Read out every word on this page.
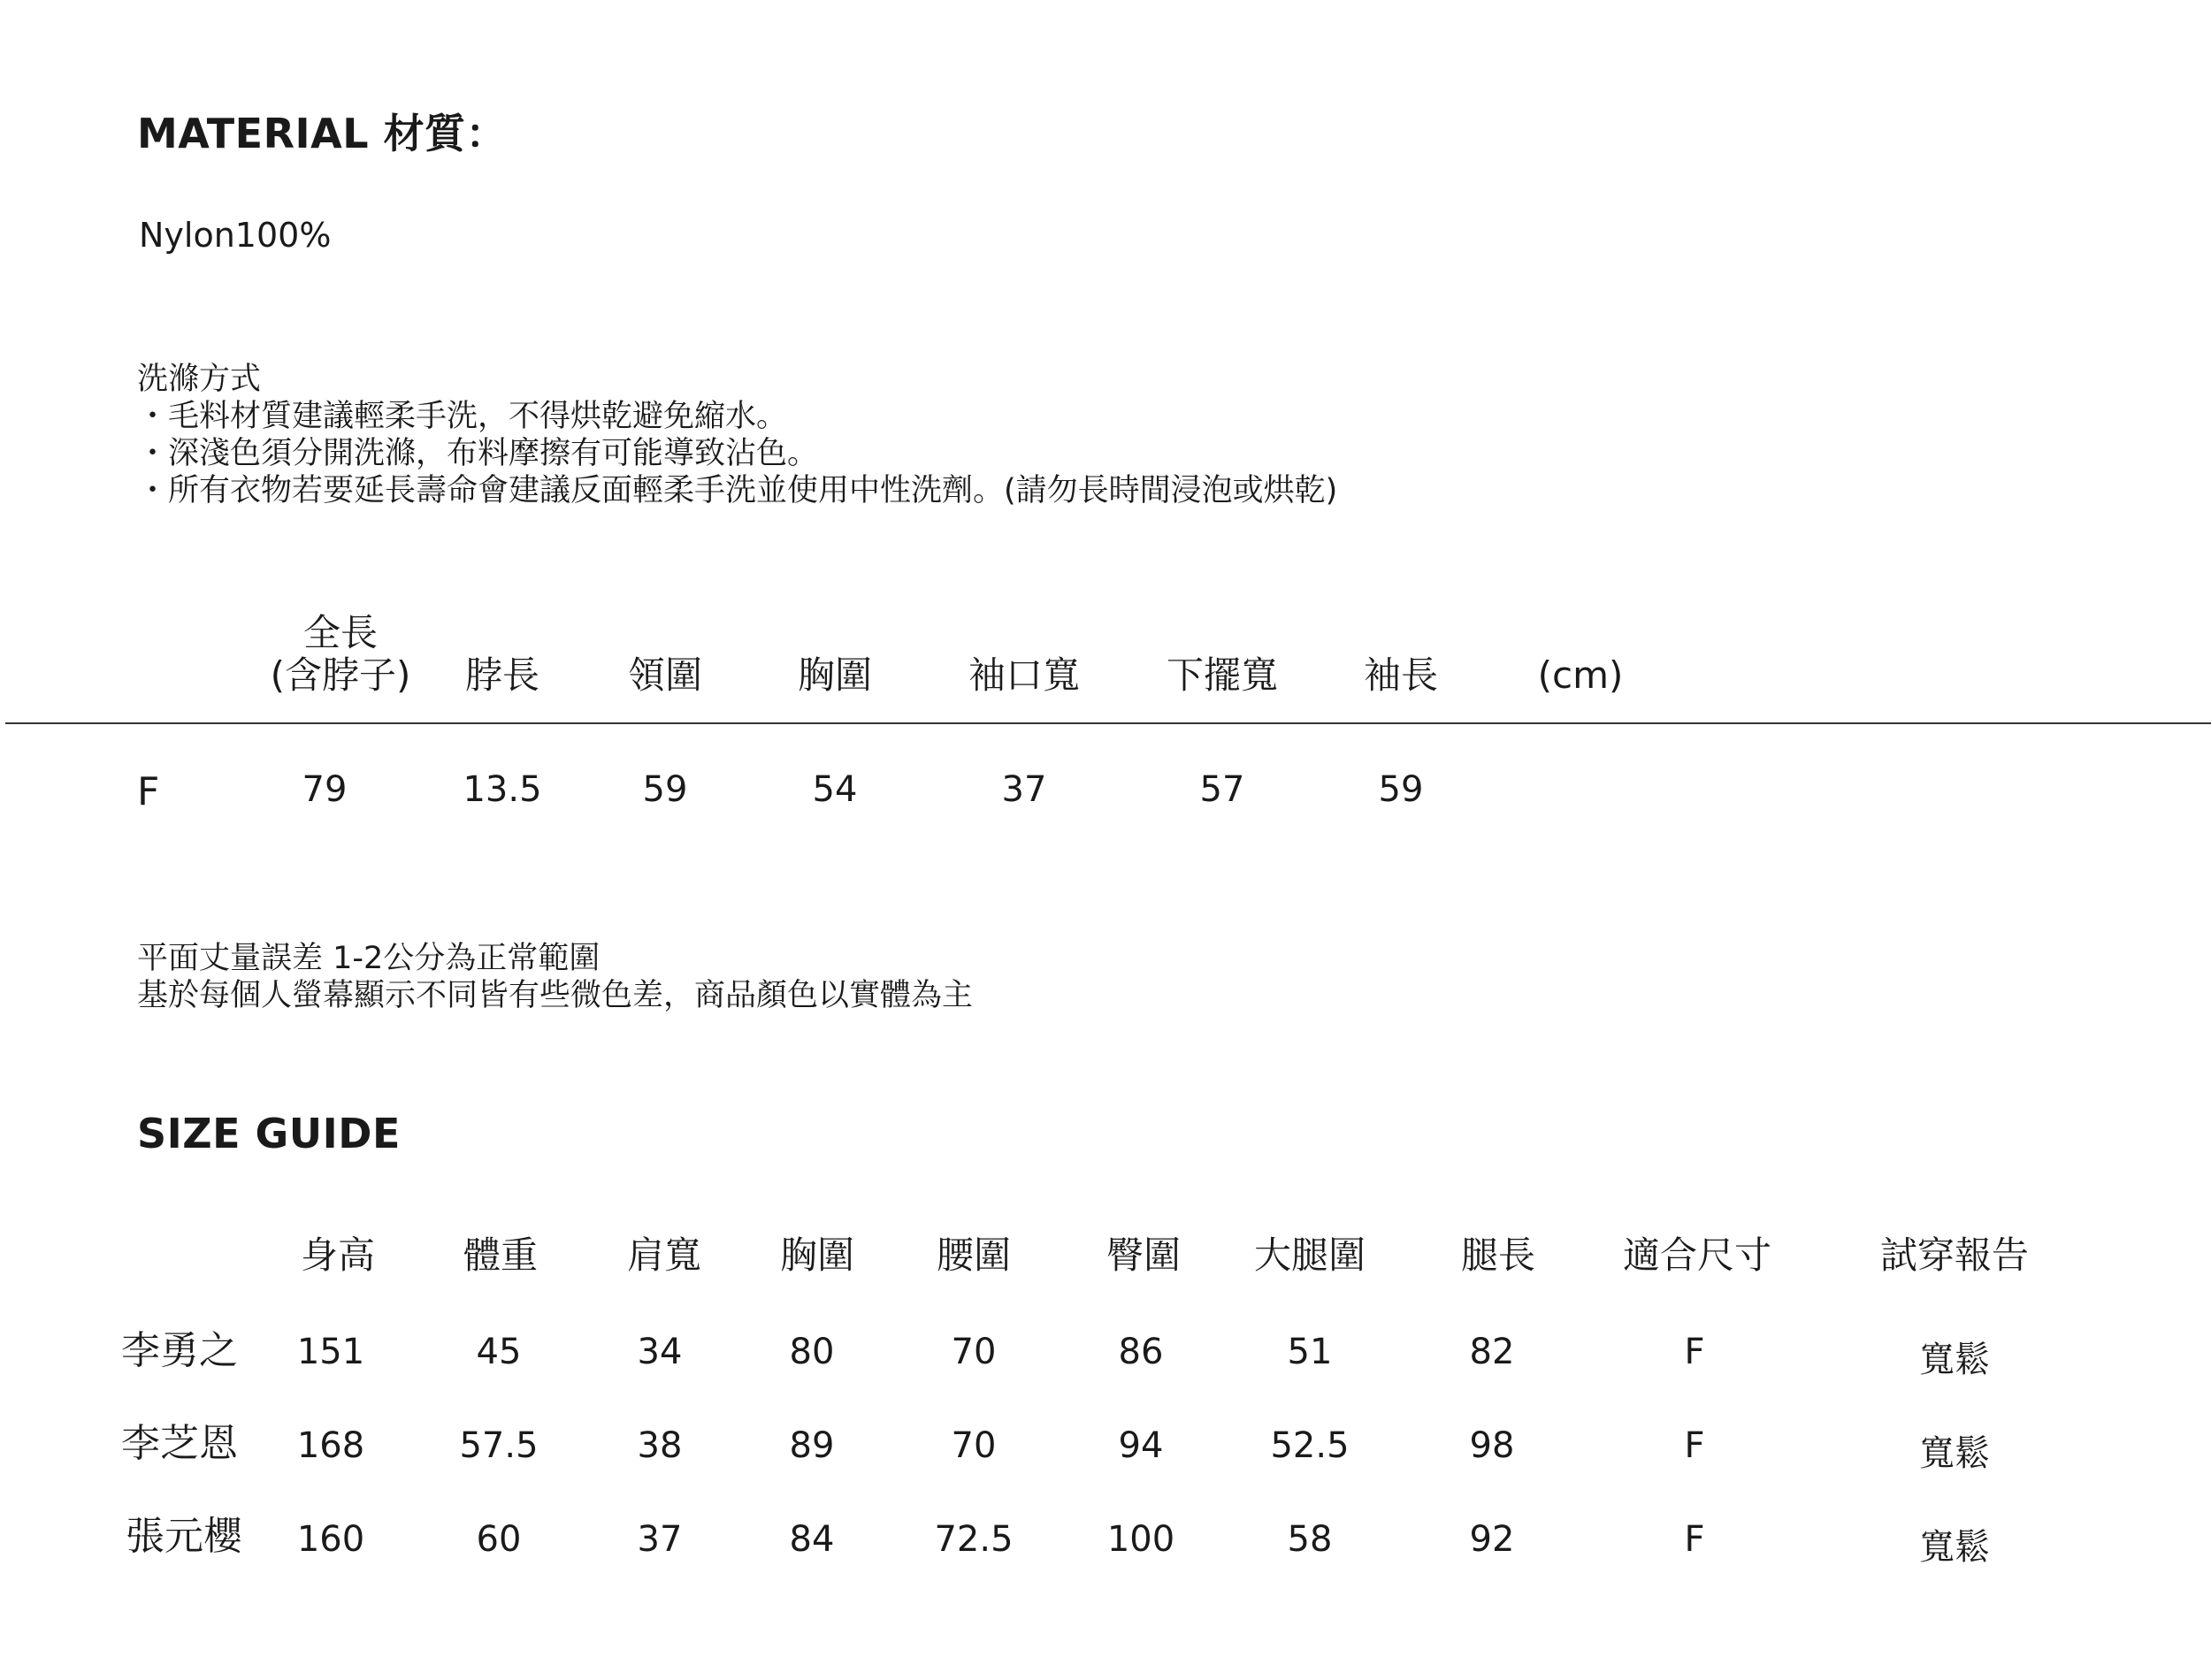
MATERIAL 材質：
Nylon100%
洗滌方式
・毛料材質建議輕柔手洗，不得烘乾避免縮水。
・深淺色須分開洗滌，布料摩擦有可能導致沾色。
・所有衣物若要延長壽命會建議反面輕柔手洗並使用中性洗劑。(請勿長時間浸泡或烘乾)
全長
(含脖子) 脖長 領圍	胸圍	袖口寬 下擺寬 袖長	(cm)
F	79	13.5	59	54	37	57	59
平面丈量誤差 1-2公分為正常範圍
基於每個人螢幕顯示不同皆有些微色差，商品顏色以實體為主
SIZE GUIDE
身高 體重 肩寬 胸圍 腰圍	臀圍 大腿圍	腿長 適合尺寸	試穿報告
李勇之 151	45	34	80	70	86	51	82	F	寬鬆
李芝恩 168	57.5	38	89	70	94	52.5	98	F	寬鬆
張元櫻 160	60	37	84	72.5	100	58	92	F	寬鬆
